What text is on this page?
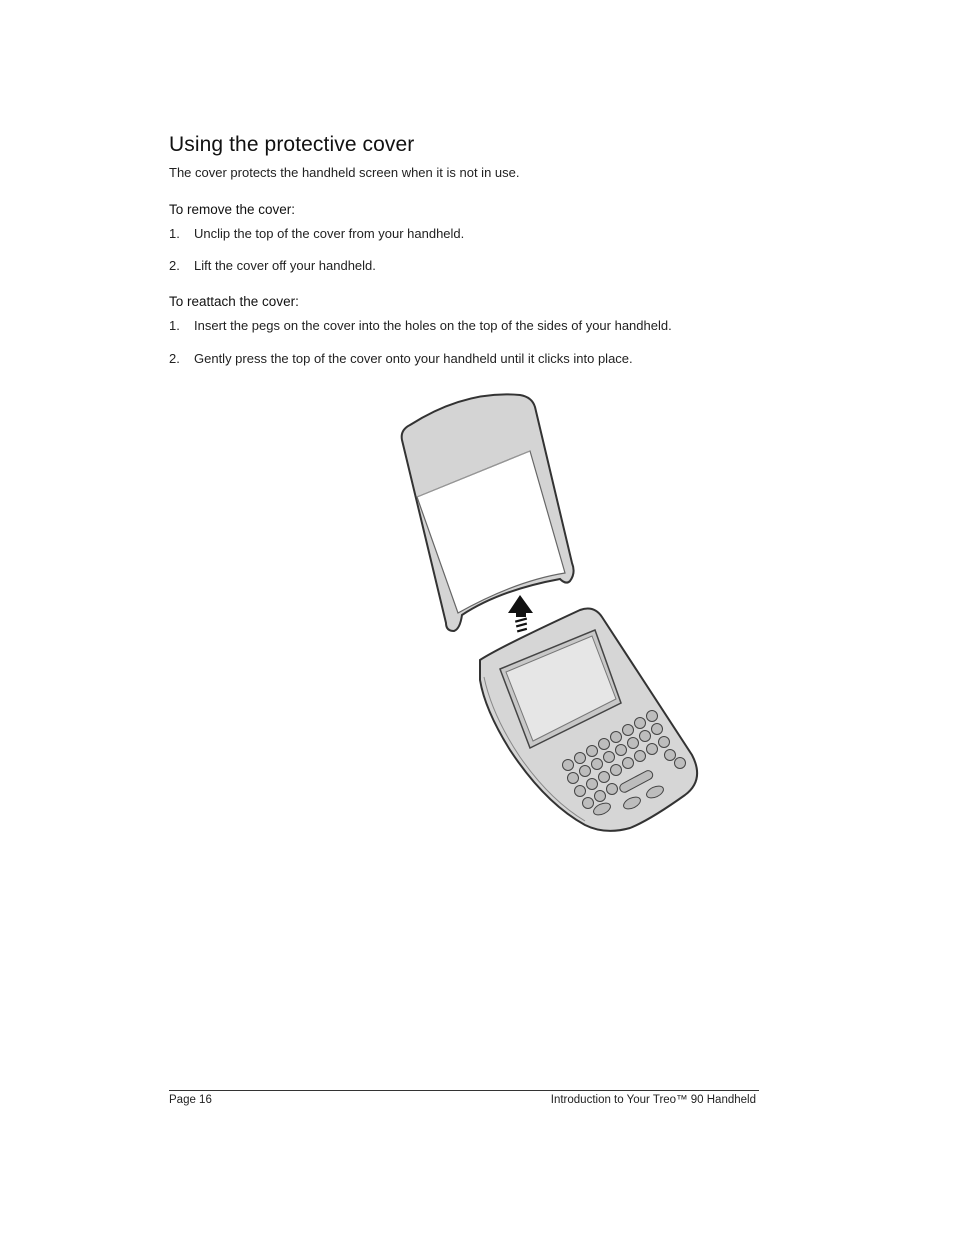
Using the protective cover
The cover protects the handheld screen when it is not in use.
To remove the cover:
1. Unclip the top of the cover from your handheld.
2. Lift the cover off your handheld.
To reattach the cover:
1. Insert the pegs on the cover into the holes on the top of the sides of your handheld.
2. Gently press the top of the cover onto your handheld until it clicks into place.
Page 16	Introduction to Your Treo™ 90 Handheld
